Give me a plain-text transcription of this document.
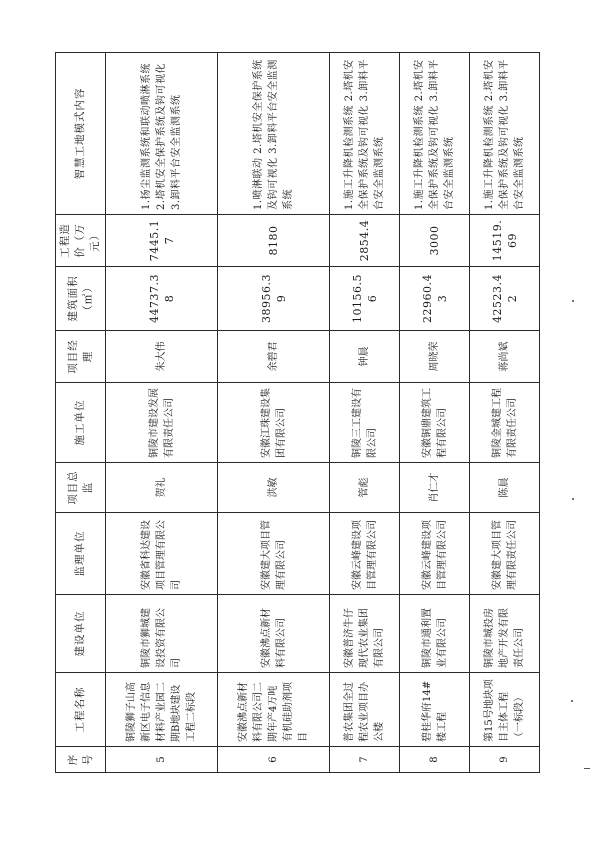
序号	工程名称	建设单位	监理单位	项目总监	施工单位	项目经理	建筑面积（㎡）	工程造价（万元）	智慧工地模式内容
5	铜陵狮子山高新区电子信息材料产业园二期B地块建设工程二标段	铜陵市狮城建设投资有限公司	安徽省科达建设项目管理有限公司	贺礼	铜陵市建设发展有限责任公司	朱大伟	44737.38	7445.17	1.扬尘监测系统和联动喷淋系统 2.塔机安全保护系统及钩可视化 3.卸料平台安全监测系统
6	安徽沸点新材料有限公司二期年产4万吨有机硅助剂项目	安徽沸点新材料有限公司	安徽建大项目管理有限公司	洪敏	安徽江珠建设集团有限公司	余碧君	38956.39	8180	1.喷淋联动 2.塔机安全保护系统及钩可视化 3.卸料平台安全监测系统
7	普农集团全过程农业项目办公楼	安徽普济牛仔现代农业集团有限公司	安徽云峰建设项目管理有限公司	管彪	铜陵三工建设有限公司	钟晨	10156.56	2854.4	1.施工升降机检测系统 2.塔机安全保护系统及钩可视化 3.卸料平台安全监测系统
8	碧桂华府14#楼工程	铜陵市通利置业有限公司	安徽云峰建设项目管理有限公司	肖仁才	安徽铜鼎建筑工程有限公司	周晓荣	22960.43	3000	1.施工升降机检测系统 2.塔机安全保护系统及钩可视化 3.卸料平台安全监测系统
9	第15号地块项目主体工程（一标段）	铜陵市城投房地产开发有限责任公司	安徽建大项目管理有限责任公司	陈晨	铜陵金城建工程有限责任公司	蒋尚斌	42523.42	14519.69	1.施工升降机检测系统 2.塔机安全保护系统及钩可视化 3.卸料平台安全监测系统
